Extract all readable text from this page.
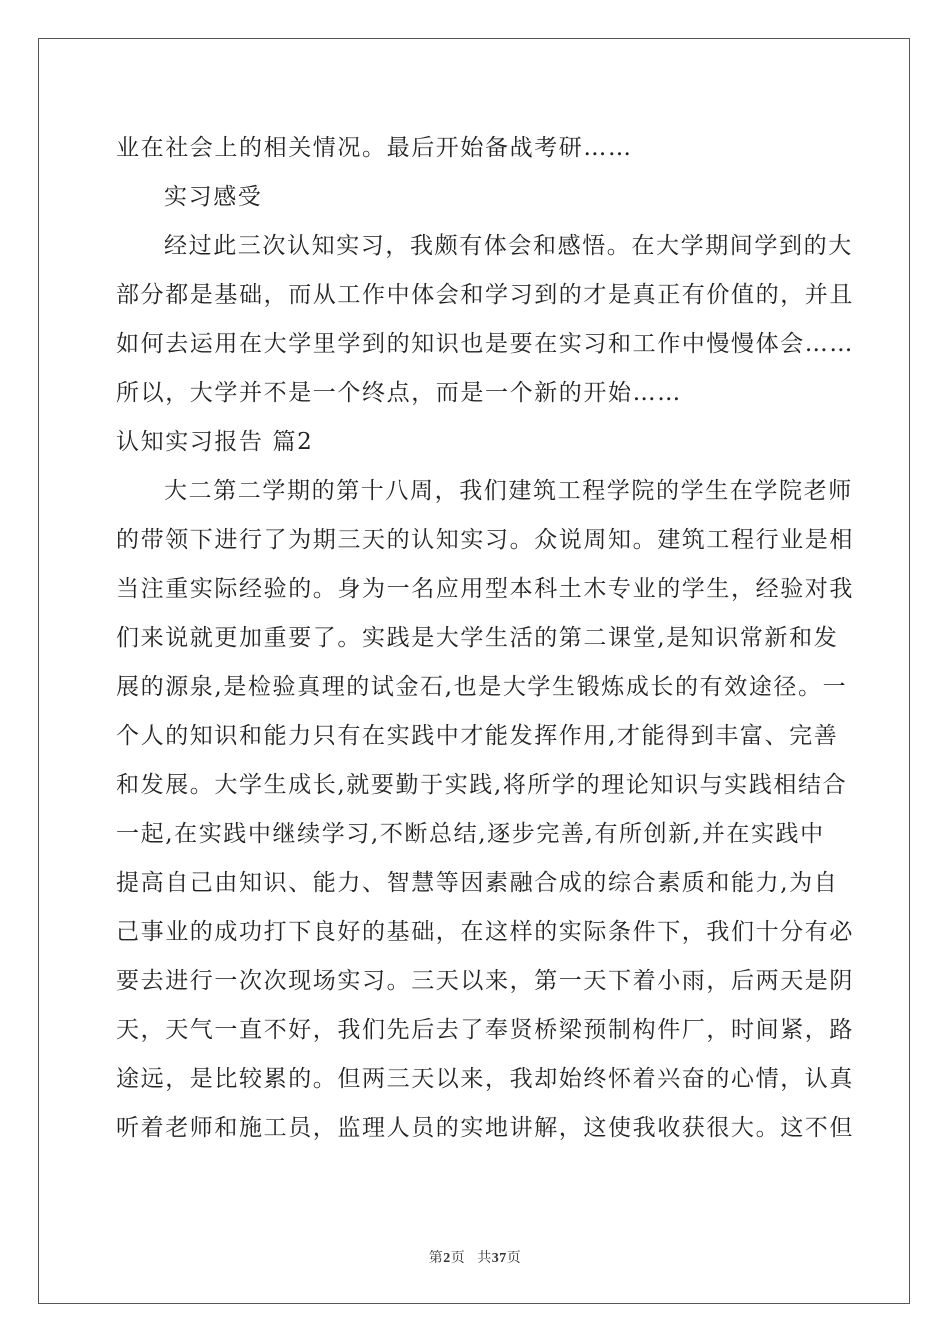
业在社会上的相关情况。最后开始备战考研……
实习感受
经过此三次认知实习，我颇有体会和感悟。在大学期间学到的大
部分都是基础，而从工作中体会和学习到的才是真正有价值的，并且
如何去运用在大学里学到的知识也是要在实习和工作中慢慢体会……
所以，大学并不是一个终点，而是一个新的开始……
认知实习报告 篇2
大二第二学期的第十八周，我们建筑工程学院的学生在学院老师
的带领下进行了为期三天的认知实习。众说周知。建筑工程行业是相
当注重实际经验的。身为一名应用型本科土木专业的学生，经验对我
们来说就更加重要了。实践是大学生活的第二课堂,是知识常新和发
展的源泉,是检验真理的试金石,也是大学生锻炼成长的有效途径。一
个人的知识和能力只有在实践中才能发挥作用,才能得到丰富、完善
和发展。大学生成长,就要勤于实践,将所学的理论知识与实践相结合
一起,在实践中继续学习,不断总结,逐步完善,有所创新,并在实践中
提高自己由知识、能力、智慧等因素融合成的综合素质和能力,为自
己事业的成功打下良好的基础，在这样的实际条件下，我们十分有必
要去进行一次次现场实习。三天以来，第一天下着小雨，后两天是阴
天，天气一直不好，我们先后去了奉贤桥梁预制构件厂，时间紧，路
途远，是比较累的。但两三天以来，我却始终怀着兴奋的心情，认真
听着老师和施工员，监理人员的实地讲解，这使我收获很大。这不但
第2页 共37页
